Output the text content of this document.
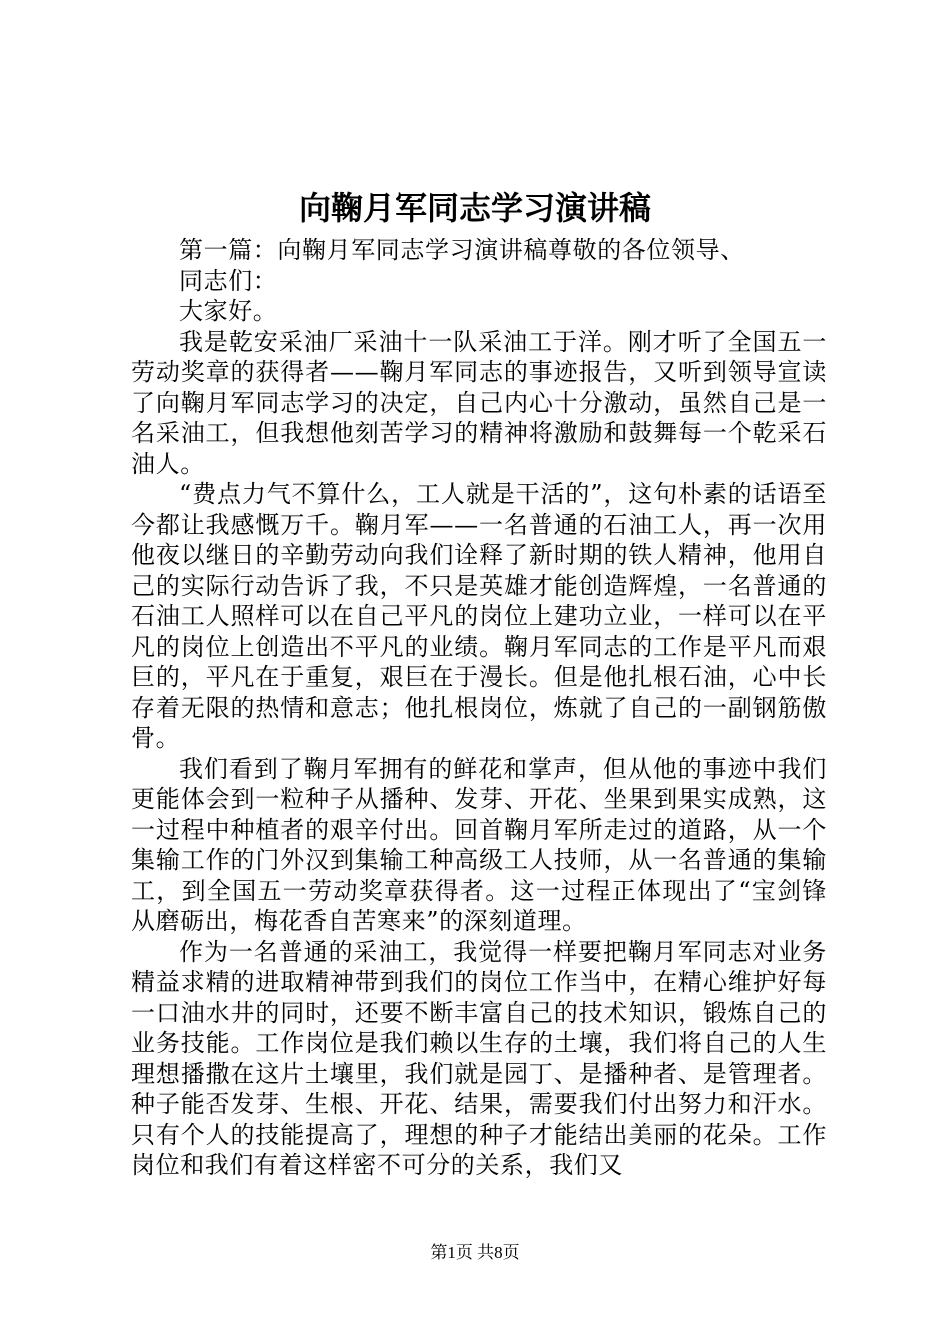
向鞠月军同志学习演讲稿

第一篇：向鞠月军同志学习演讲稿尊敬的各位领导、

同志们：

大家好。

我是乾安采油厂采油十一队采油工于洋。刚才听了全国五一劳动奖章的获得者——鞠月军同志的事迹报告，又听到领导宣读了向鞠月军同志学习的决定，自己内心十分激动，虽然自己是一名采油工，但我想他刻苦学习的精神将激励和鼓舞每一个乾采石油人。

“费点力气不算什么，工人就是干活的”，这句朴素的话语至今都让我感慨万千。鞠月军——一名普通的石油工人，再一次用他夜以继日的辛勤劳动向我们诠释了新时期的铁人精神，他用自己的实际行动告诉了我，不只是英雄才能创造辉煌，一名普通的石油工人照样可以在自己平凡的岗位上建功立业，一样可以在平凡的岗位上创造出不平凡的业绩。鞠月军同志的工作是平凡而艰巨的，平凡在于重复，艰巨在于漫长。但是他扎根石油，心中长存着无限的热情和意志；他扎根岗位，炼就了自己的一副钢筋傲骨。

我们看到了鞠月军拥有的鲜花和掌声，但从他的事迹中我们更能体会到一粒种子从播种、发芽、开花、坐果到果实成熟，这一过程中种植者的艰辛付出。回首鞠月军所走过的道路，从一个集输工作的门外汉到集输工种高级工人技师，从一名普通的集输工，到全国五一劳动奖章获得者。这一过程正体现出了“宝剑锋从磨砺出，梅花香自苦寒来”的深刻道理。

作为一名普通的采油工，我觉得一样要把鞠月军同志对业务精益求精的进取精神带到我们的岗位工作当中，在精心维护好每一口油水井的同时，还要不断丰富自己的技术知识，锻炼自己的业务技能。工作岗位是我们赖以生存的土壤，我们将自己的人生理想播撒在这片土壤里，我们就是园丁、是播种者、是管理者。种子能否发芽、生根、开花、结果，需要我们付出努力和汗水。只有个人的技能提高了，理想的种子才能结出美丽的花朵。工作岗位和我们有着这样密不可分的关系，我们又

第1页 共8页
